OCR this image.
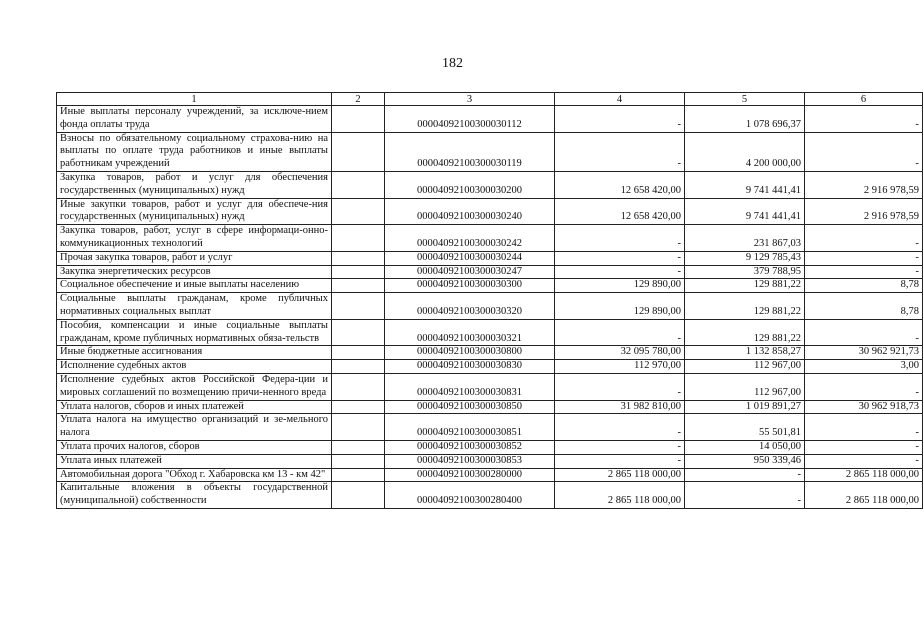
182
1	2	3	4	5	6
Иные выплаты персоналу учреждений, за исключе-нием фонда оплаты труда		00004092100300030112	-	1 078 696,37	-
Взносы по обязательному социальному страхова-нию на выплаты по оплате труда работников и иные выплаты работникам учреждений		00004092100300030119	-	4 200 000,00	-
Закупка товаров, работ и услуг для обеспечения государственных (муниципальных) нужд		00004092100300030200	12 658 420,00	9 741 441,41	2 916 978,59
Иные закупки товаров, работ и услуг для обеспече-ния государственных (муниципальных) нужд		00004092100300030240	12 658 420,00	9 741 441,41	2 916 978,59
Закупка товаров, работ, услуг в сфере информаци-онно-коммуникационных технологий		00004092100300030242	-	231 867,03	-
Прочая закупка товаров, работ и услуг		00004092100300030244	-	9 129 785,43	-
Закупка энергетических ресурсов		00004092100300030247	-	379 788,95	-
Социальное обеспечение и иные выплаты населению		00004092100300030300	129 890,00	129 881,22	8,78
Социальные выплаты гражданам, кроме публичных нормативных социальных выплат		00004092100300030320	129 890,00	129 881,22	8,78
Пособия, компенсации и иные социальные выплаты гражданам, кроме публичных нормативных обяза-тельств		00004092100300030321	-	129 881,22	-
Иные бюджетные ассигнования		00004092100300030800	32 095 780,00	1 132 858,27	30 962 921,73
Исполнение судебных актов		00004092100300030830	112 970,00	112 967,00	3,00
Исполнение судебных актов Российской Федера-ции и мировых соглашений по возмещению причи-ненного вреда		00004092100300030831	-	112 967,00	-
Уплата налогов, сборов и иных платежей		00004092100300030850	31 982 810,00	1 019 891,27	30 962 918,73
Уплата налога на имущество организаций и зе-мельного налога		00004092100300030851	-	55 501,81	-
Уплата прочих налогов, сборов		00004092100300030852	-	14 050,00	-
Уплата иных платежей		00004092100300030853	-	950 339,46	-
Автомобильная дорога "Обход г. Хабаровска км 13 - км 42"		00004092100300280000	2 865 118 000,00	-	2 865 118 000,00
Капитальные вложения в объекты государственной (муниципальной) собственности		00004092100300280400	2 865 118 000,00	-	2 865 118 000,00
